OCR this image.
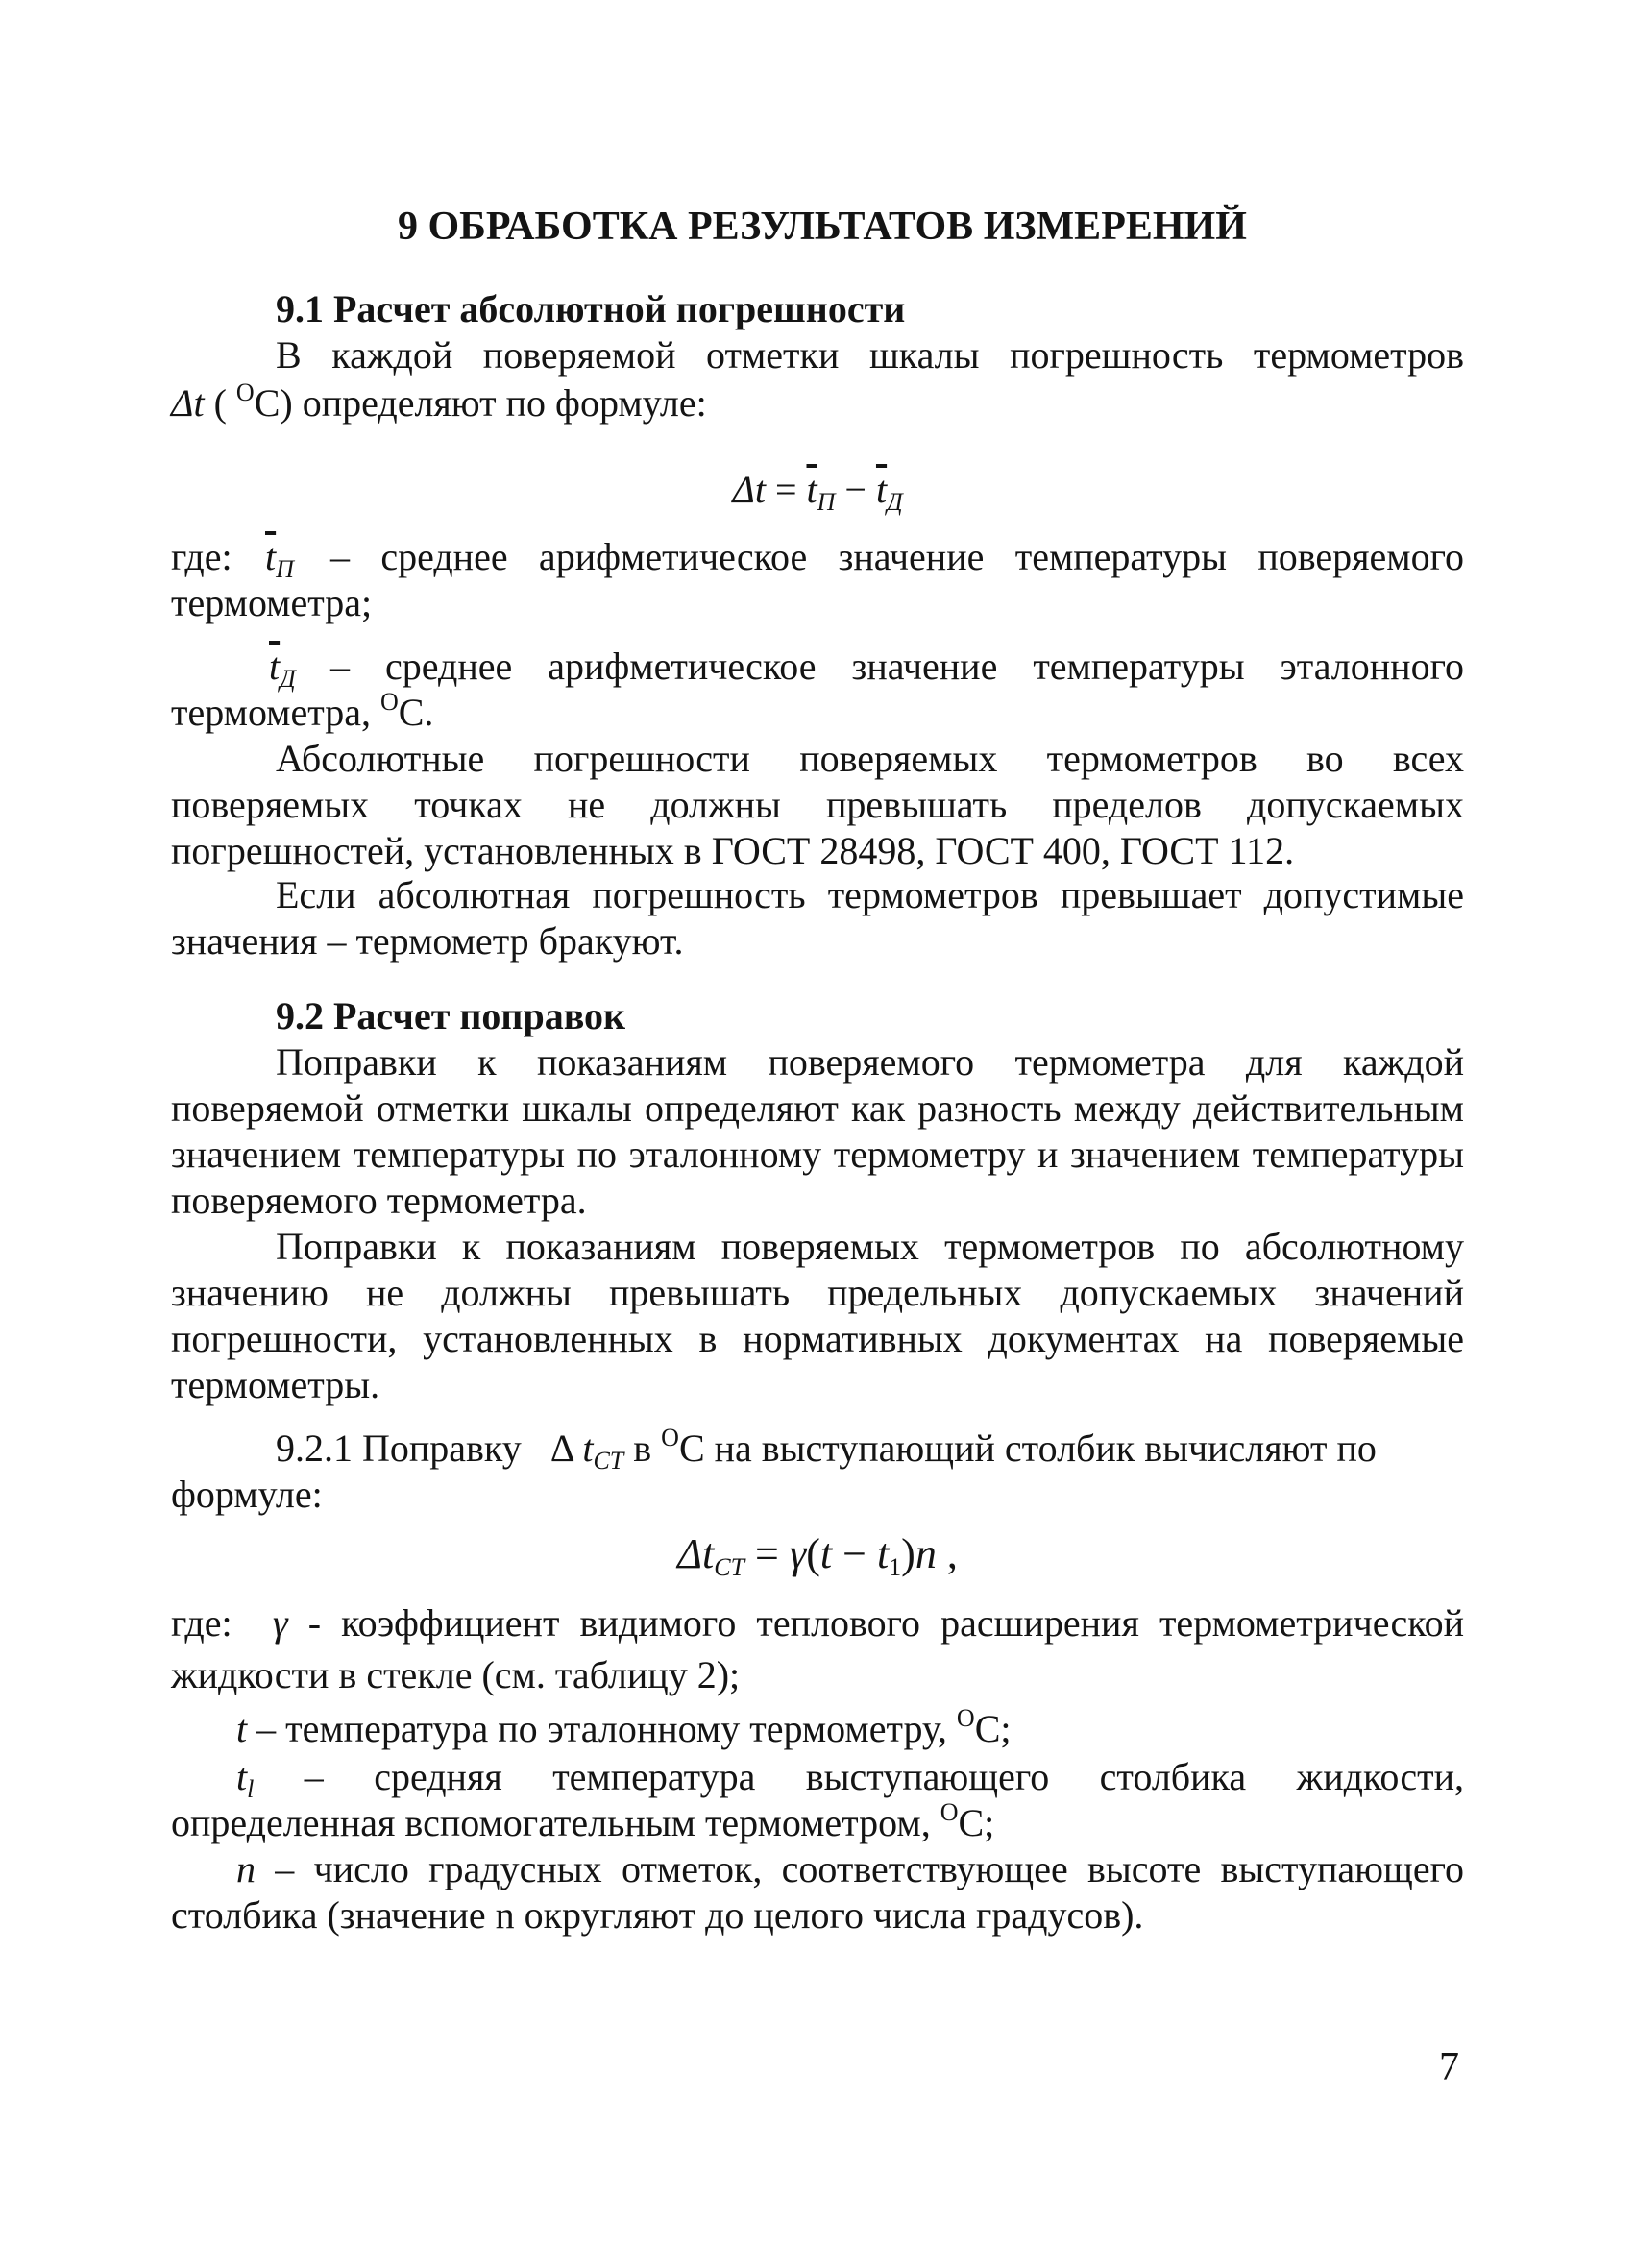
9 ОБРАБОТКА РЕЗУЛЬТАТОВ ИЗМЕРЕНИЙ
9.1 Расчет абсолютной погрешности
В каждой поверяемой отметки шкалы погрешность термометров
Δt ( $^O$C) определяют по формуле:
$\Delta t = \overline{t}_П - \overline{t}_Д$
где: $\overline{t}_П$ – среднее арифметическое значение температуры поверяемого
термометра;
$\overline{t}_Д$ – среднее арифметическое значение температуры эталонного
термометра, $^O$C.
Абсолютные погрешности поверяемых термометров во всех
поверяемых точках не должны превышать пределов допускаемых
погрешностей, установленных в ГОСТ 28498, ГОСТ 400, ГОСТ 112.
Если абсолютная погрешность термометров превышает допустимые
значения – термометр бракуют.
9.2 Расчет поправок
Поправки к показаниям поверяемого термометра для каждой
поверяемой отметки шкалы определяют как разность между действительным
значением температуры по эталонному термометру и значением температуры
поверяемого термометра.
Поправки к показаниям поверяемых термометров по абсолютному
значению не должны превышать предельных допускаемых значений
погрешности, установленных в нормативных документах на поверяемые
термометры.
9.2.1 Поправку   Δ $t_{СТ}$ в $^O$C на выступающий столбик вычисляют по
формуле:
$\Delta t_{СТ} = \gamma(t - t_1)n$ ,
где:  γ - коэффициент видимого теплового расширения термометрической
жидкости в стекле (см. таблицу 2);
t – температура по эталонному термометру, $^O$C;
$t_l$ – средняя температура выступающего столбика жидкости,
определенная вспомогательным термометром, $^O$C;
n – число градусных отметок, соответствующее высоте выступающего
столбика (значение n округляют до целого числа градусов).
7
